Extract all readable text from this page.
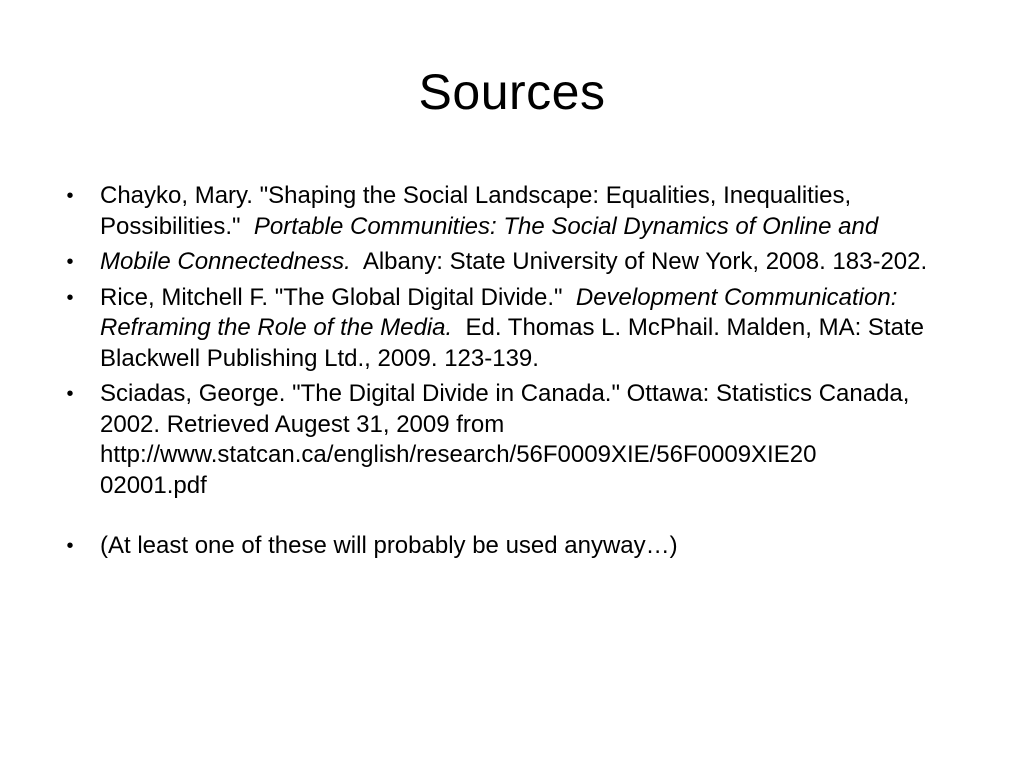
Sources
• Chayko, Mary. "Shaping the Social Landscape: Equalities, Inequalities, Possibilities." Portable Communities: The Social Dynamics of Online and
• Mobile Connectedness. Albany: State University of New York, 2008. 183-202.
• Rice, Mitchell F. "The Global Digital Divide." Development Communication: Reframing the Role of the Media. Ed. Thomas L. McPhail. Malden, MA: State Blackwell Publishing Ltd., 2009. 123-139.
• Sciadas, George. "The Digital Divide in Canada." Ottawa: Statistics Canada, 2002. Retrieved Augest 31, 2009 from
http://www.statcan.ca/english/research/56F0009XIE/56F0009XIE20
02001.pdf
• (At least one of these will probably be used anyway…)
